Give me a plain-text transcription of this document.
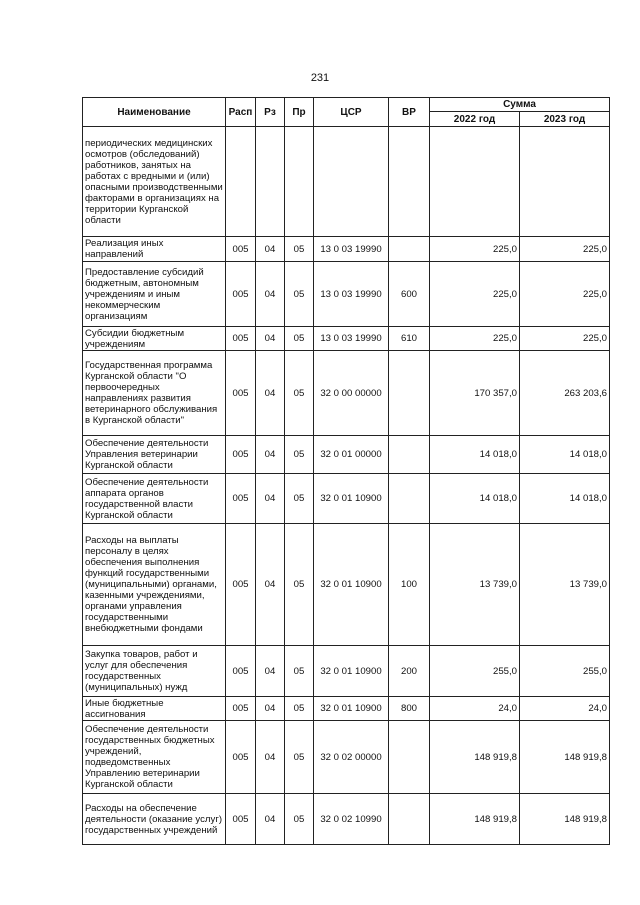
231
Наименование	Расп	Рз	Пр	ЦСР	ВР	Сумма	
						2022 год	2023 год
периодических медицинских осмотров (обследований) работников, занятых на работах с вредными и (или) опасными производственными факторами в организациях на территории Курганской области							
Реализация иных направлений	005	04	05	13 0 03 19990		225,0	225,0
Предоставление субсидий бюджетным, автономным учреждениям и иным некоммерческим организациям	005	04	05	13 0 03 19990	600	225,0	225,0
Субсидии бюджетным учреждениям	005	04	05	13 0 03 19990	610	225,0	225,0
Государственная программа Курганской области "О первоочередных направлениях развития ветеринарного обслуживания в Курганской области"	005	04	05	32 0 00 00000		170 357,0	263 203,6
Обеспечение деятельности Управления ветеринарии Курганской области	005	04	05	32 0 01 00000		14 018,0	14 018,0
Обеспечение деятельности аппарата органов государственной власти Курганской области	005	04	05	32 0 01 10900		14 018,0	14 018,0
Расходы на выплаты персоналу в целях обеспечения выполнения функций государственными (муниципальными) органами, казенными учреждениями, органами управления государственными внебюджетными фондами	005	04	05	32 0 01 10900	100	13 739,0	13 739,0
Закупка товаров, работ и услуг для обеспечения государственных (муниципальных) нужд	005	04	05	32 0 01 10900	200	255,0	255,0
Иные бюджетные ассигнования	005	04	05	32 0 01 10900	800	24,0	24,0
Обеспечение деятельности государственных бюджетных учреждений, подведомственных Управлению ветеринарии Курганской области	005	04	05	32 0 02 00000		148 919,8	148 919,8
Расходы на обеспечение деятельности (оказание услуг) государственных учреждений	005	04	05	32 0 02 10990		148 919,8	148 919,8
